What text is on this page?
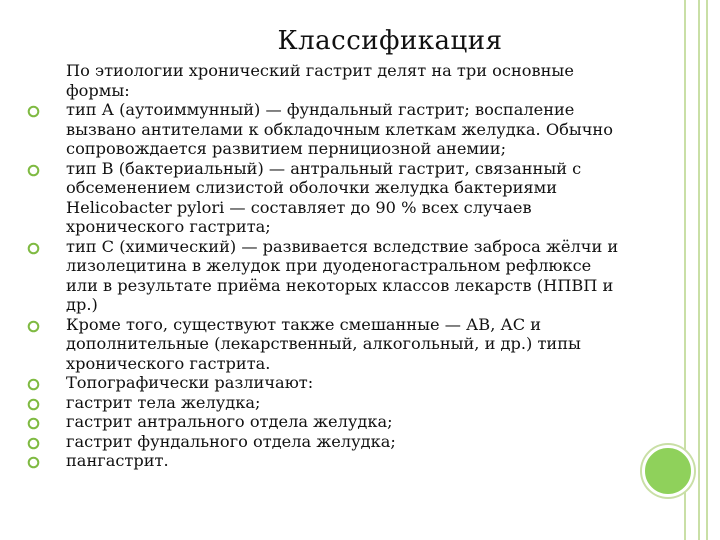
Классификация
По этиологии хронический гастрит делят на три основные формы:
тип А (аутоиммунный) — фундальный гастрит; воспаление вызвано антителами к обкладочным клеткам желудка. Обычно сопровождается развитием пернициозной анемии;
тип В (бактериальный) — антральный гастрит, связанный с обсеменением слизистой оболочки желудка бактериями Helicobacter pylori — составляет до 90 % всех случаев хронического гастрита;
тип С (химический) — развивается вследствие заброса жёлчи и лизолецитина в желудок при дуоденогастральном рефлюксе или в результате приёма некоторых классов лекарств (НПВП и др.)
Кроме того, существуют также смешанные — АВ, АС и дополнительные (лекарственный, алкогольный, и др.) типы хронического гастрита.
Топографически различают:
гастрит тела желудка;
гастрит антрального отдела желудка;
гастрит фундального отдела желудка;
пангастрит.
